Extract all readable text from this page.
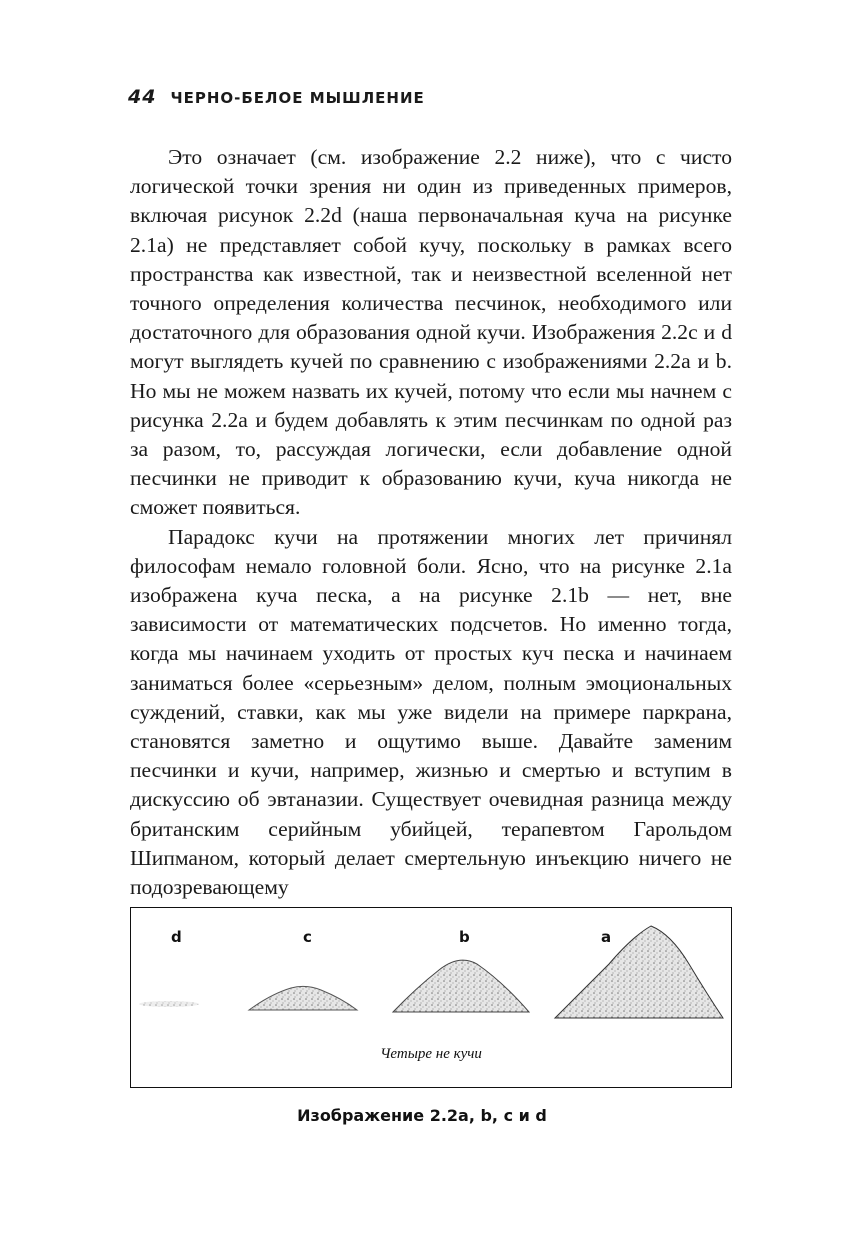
44 ЧЕРНО-БЕЛОЕ МЫШЛЕНИЕ

Это означает (см. изображение 2.2 ниже), что с чисто логической точки зрения ни один из приведенных примеров, включая рисунок 2.2d (наша первоначальная куча на рисунке 2.1a) не представляет собой кучу, поскольку в рамках всего пространства как известной, так и неизвестной вселенной нет точного определения количества песчинок, необходимого или достаточного для образования одной кучи. Изображения 2.2с и d могут выглядеть кучей по сравнению с изображениями 2.2a и b. Но мы не можем назвать их кучей, потому что если мы начнем с рисунка 2.2a и будем добавлять к этим песчинкам по одной раз за разом, то, рассуждая логически, если добавление одной песчинки не приводит к образованию кучи, куча никогда не сможет появиться.

Парадокс кучи на протяжении многих лет причинял философам немало головной боли. Ясно, что на рисунке 2.1a изображена куча песка, а на рисунке 2.1b — нет, вне зависимости от математических подсчетов. Но именно тогда, когда мы начинаем уходить от простых куч песка и начинаем заниматься более «серьезным» делом, полным эмоциональных суждений, ставки, как мы уже видели на примере паркрана, становятся заметно и ощутимо выше. Давайте заменим песчинки и кучи, например, жизнью и смертью и вступим в дискуссию об эвтаназии. Существует очевидная разница между британским серийным убийцей, терапевтом Гарольдом Шипманом, который делает смертельную инъекцию ничего не подозревающему

d	c	b	a
Четыре не кучи
Изображение 2.2a, b, c и d
